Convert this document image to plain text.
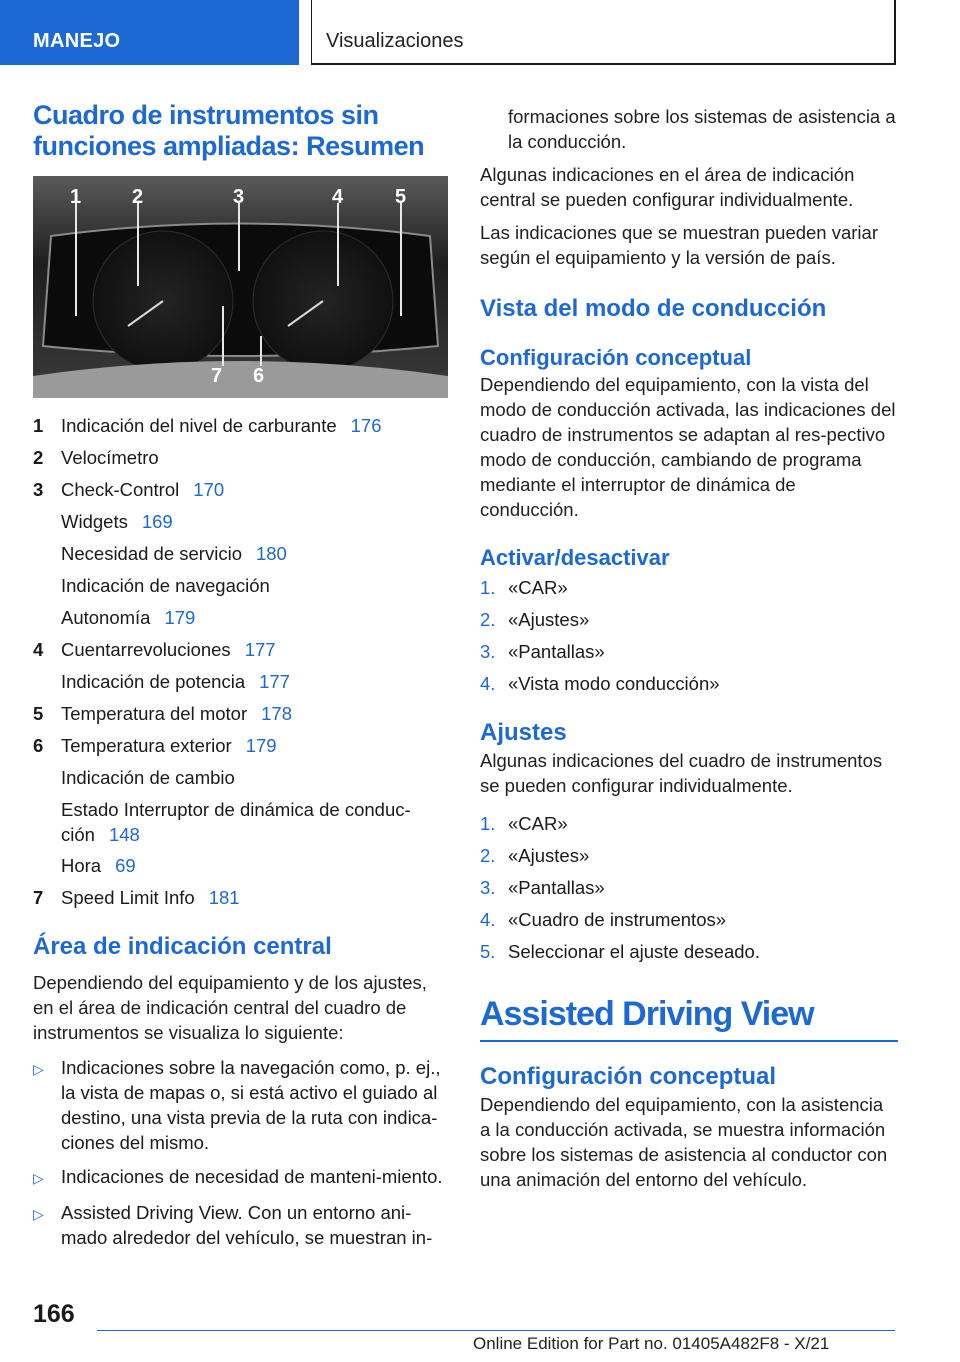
MANEJO	Visualizaciones
Cuadro de instrumentos sin funciones ampliadas: Resumen
1	2	3	4	5
7 6
1 Indicación del nivel de carburante 176
2 Velocímetro
3 Check-Control 170
Widgets 169
Necesidad de servicio 180
Indicación de navegación
Autonomía 179
4 Cuentarrevoluciones 177
Indicación de potencia 177
5 Temperatura del motor 178
6 Temperatura exterior 179
Indicación de cambio
Estado Interruptor de dinámica de conduc-ción 148
Hora 69
7 Speed Limit Info 181
Área de indicación central

Dependiendo del equipamiento y de los ajustes, en el área de indicación central del cuadro de instrumentos se visualiza lo siguiente:

▷ Indicaciones sobre la navegación como, p. ej., la vista de mapas o, si está activo el guiado al destino, una vista previa de la ruta con indica-ciones del mismo.
▷ Indicaciones de necesidad de manteni-miento.
▷ Assisted Driving View. Con un entorno ani-mado alrededor del vehículo, se muestran in-

formaciones sobre los sistemas de asistencia a la conducción.

Algunas indicaciones en el área de indicación central se pueden configurar individualmente.

Las indicaciones que se muestran pueden variar según el equipamiento y la versión de país.

Vista del modo de conducción
Configuración conceptual

Dependiendo del equipamiento, con la vista del modo de conducción activada, las indicaciones del cuadro de instrumentos se adaptan al res-pectivo modo de conducción, cambiando de programa mediante el interruptor de dinámica de conducción.

Activar/desactivar
1. «CAR»
2. «Ajustes»
3. «Pantallas»
4. «Vista modo conducción»
Ajustes

Algunas indicaciones del cuadro de instrumentos se pueden configurar individualmente.

1. «CAR»
2. «Ajustes»
3. «Pantallas»
4. «Cuadro de instrumentos»
5. Seleccionar el ajuste deseado.
Assisted Driving View
Configuración conceptual

Dependiendo del equipamiento, con la asistencia a la conducción activada, se muestra información sobre los sistemas de asistencia al conductor con una animación del entorno del vehículo.

166
Online Edition for Part no. 01405A482F8 - X/21
